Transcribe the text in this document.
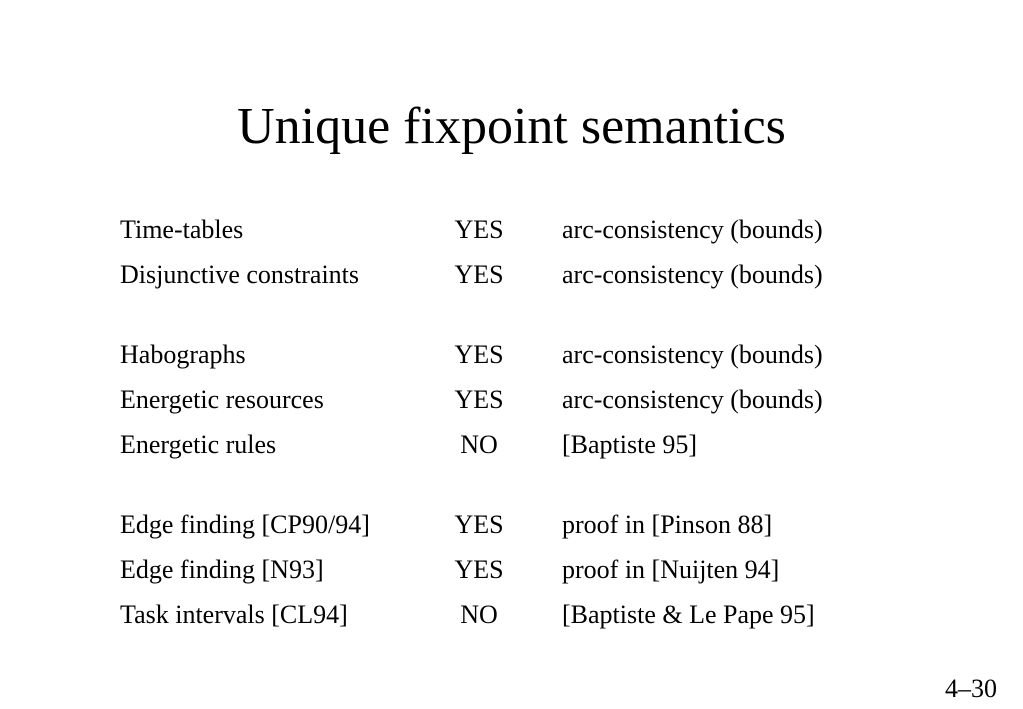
Unique fixpoint semantics
Time-tables	YES arc-consistency (bounds)
Disjunctive constraints	YES arc-consistency (bounds)
Habographs	YES arc-consistency (bounds)
Energetic resources	YES arc-consistency (bounds)
Energetic rules	NO	[Baptiste 95]
Edge finding [CP90/94]	YES proof in [Pinson 88]
Edge finding [N93]	YES proof in [Nuijten 94]
Task intervals [CL94]	NO	[Baptiste & Le Pape 95]
4–30
